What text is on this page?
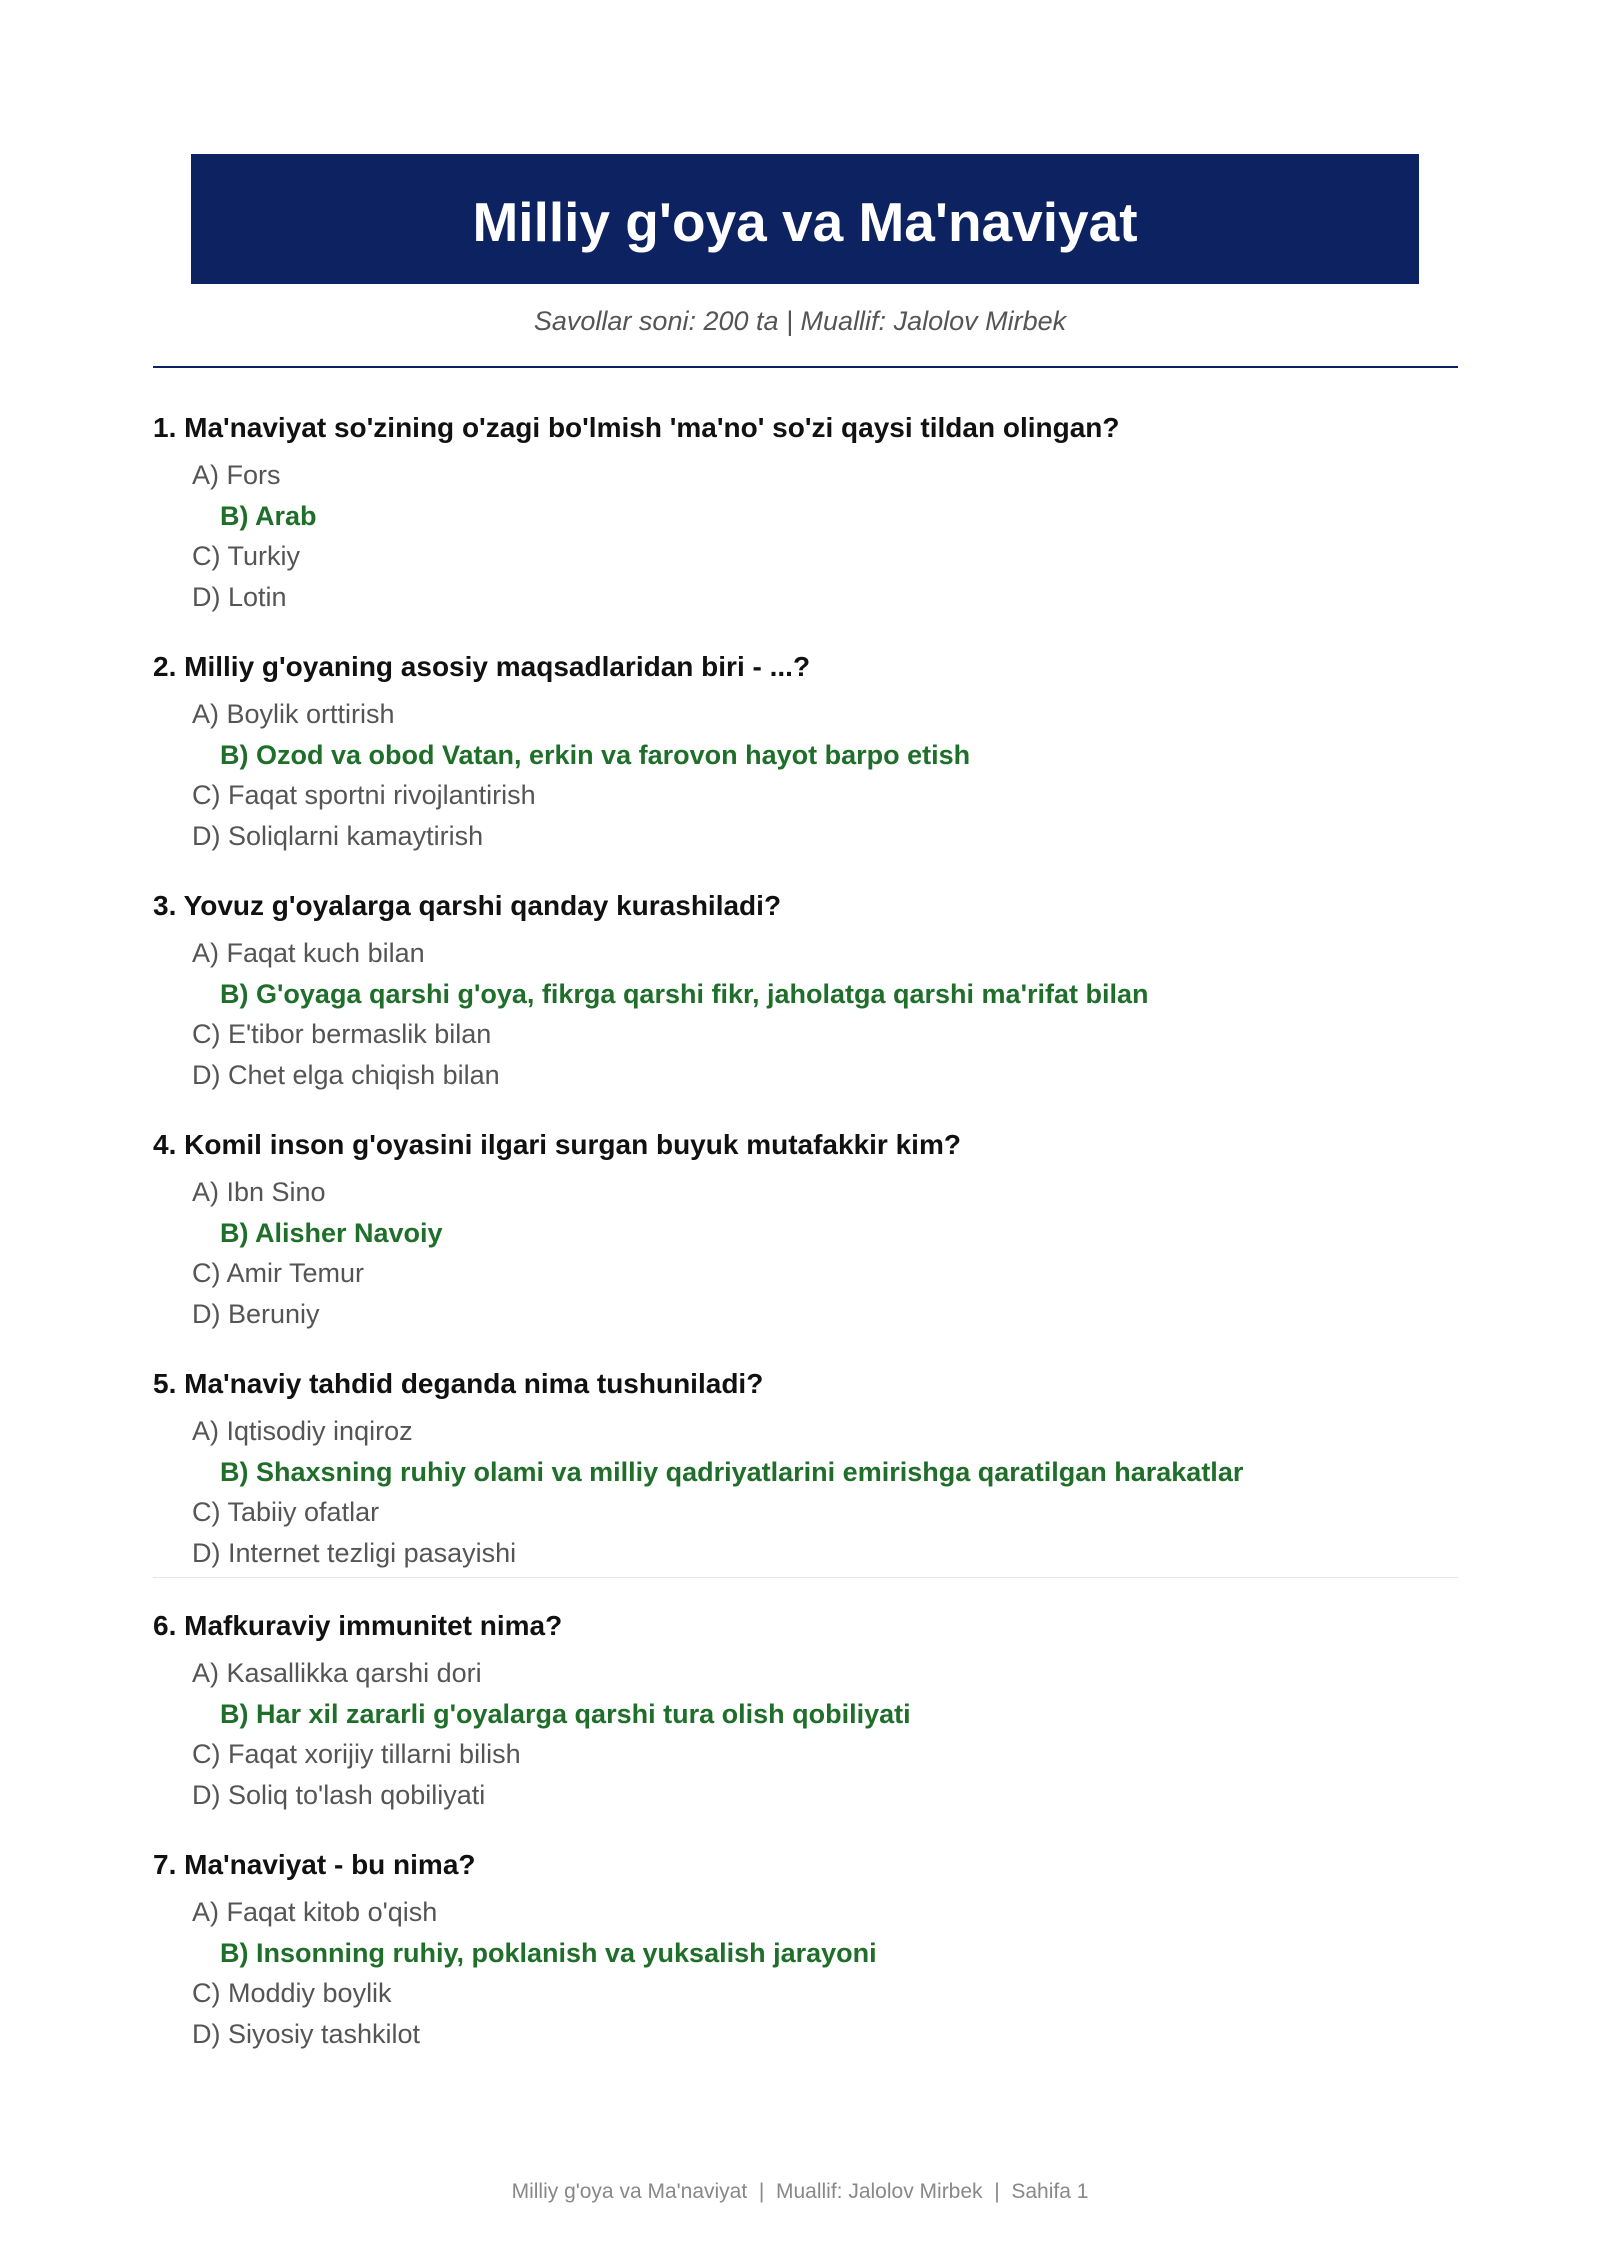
Milliy g'oya va Ma'naviyat
Savollar soni: 200 ta | Muallif: Jalolov Mirbek
1. Ma'naviyat so'zining o'zagi bo'lmish 'ma'no' so'zi qaysi tildan olingan?
A) Fors
B) Arab
C) Turkiy
D) Lotin
2. Milliy g'oyaning asosiy maqsadlaridan biri - ...?
A) Boylik orttirish
B) Ozod va obod Vatan, erkin va farovon hayot barpo etish
C) Faqat sportni rivojlantirish
D) Soliqlarni kamaytirish
3. Yovuz g'oyalarga qarshi qanday kurashiladi?
A) Faqat kuch bilan
B) G'oyaga qarshi g'oya, fikrga qarshi fikr, jaholatga qarshi ma'rifat bilan
C) E'tibor bermaslik bilan
D) Chet elga chiqish bilan
4. Komil inson g'oyasini ilgari surgan buyuk mutafakkir kim?
A) Ibn Sino
B) Alisher Navoiy
C) Amir Temur
D) Beruniy
5. Ma'naviy tahdid deganda nima tushuniladi?
A) Iqtisodiy inqiroz
B) Shaxsning ruhiy olami va milliy qadriyatlarini emirishga qaratilgan harakatlar
C) Tabiiy ofatlar
D) Internet tezligi pasayishi
6. Mafkuraviy immunitet nima?
A) Kasallikka qarshi dori
B) Har xil zararli g'oyalarga qarshi tura olish qobiliyati
C) Faqat xorijiy tillarni bilish
D) Soliq to'lash qobiliyati
7. Ma'naviyat - bu nima?
A) Faqat kitob o'qish
B) Insonning ruhiy, poklanish va yuksalish jarayoni
C) Moddiy boylik
D) Siyosiy tashkilot
Milliy g'oya va Ma'naviyat  |  Muallif: Jalolov Mirbek  |  Sahifa 1
